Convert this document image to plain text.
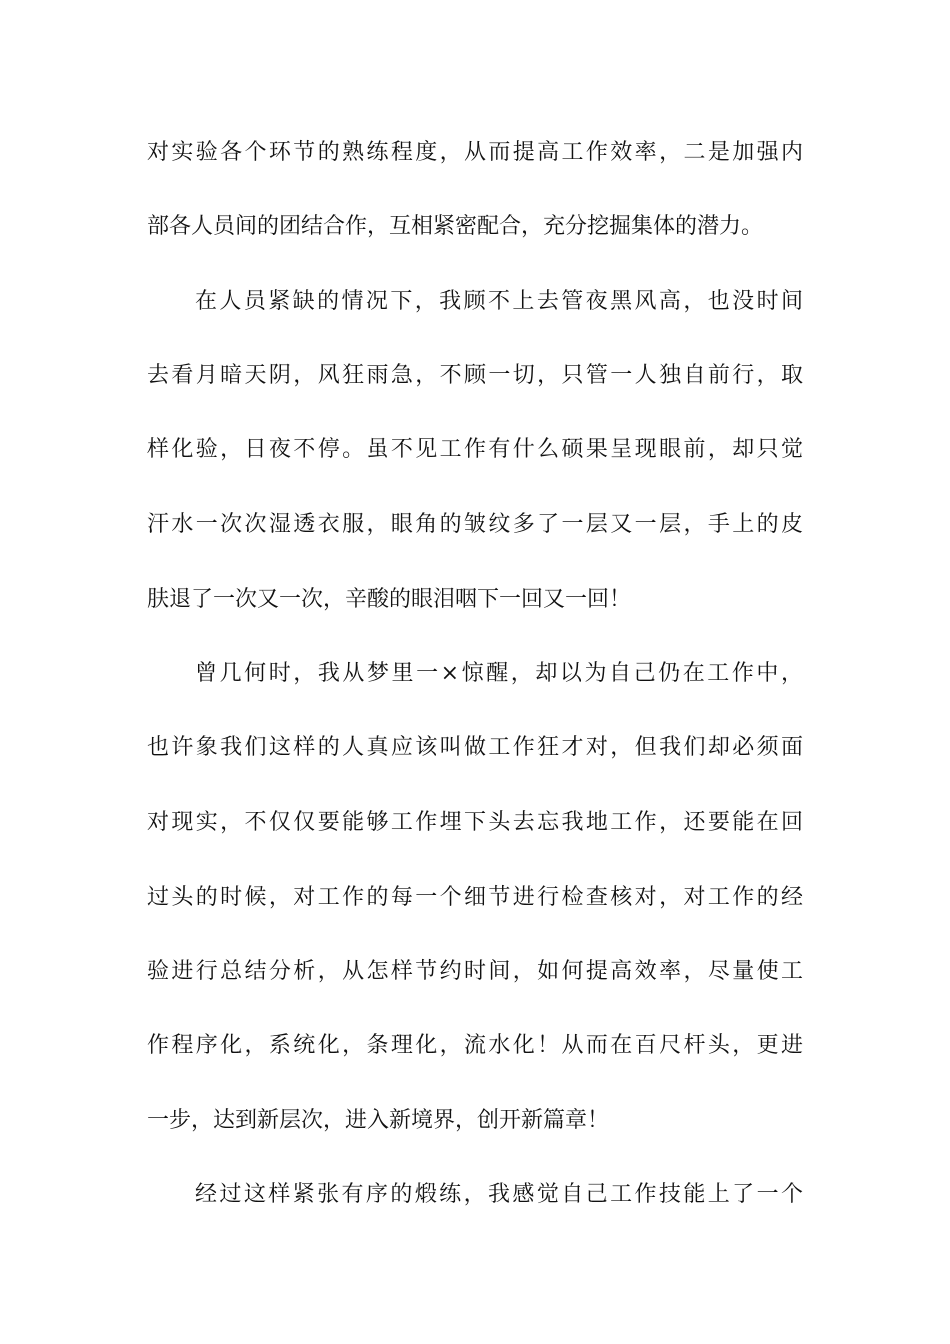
对实验各个环节的熟练程度，从而提高工作效率，二是加强内
部各人员间的团结合作，互相紧密配合，充分挖掘集体的潜力。
在人员紧缺的情况下，我顾不上去管夜黑风高，也没时间
去看月暗天阴，风狂雨急，不顾一切，只管一人独自前行，取
样化验，日夜不停。虽不见工作有什么硕果呈现眼前，却只觉
汗水一次次湿透衣服，眼角的皱纹多了一层又一层，手上的皮
肤退了一次又一次，辛酸的眼泪咽下一回又一回！
曾几何时，我从梦里一×惊醒，却以为自己仍在工作中，
也许象我们这样的人真应该叫做工作狂才对，但我们却必须面
对现实，不仅仅要能够工作埋下头去忘我地工作，还要能在回
过头的时候，对工作的每一个细节进行检查核对，对工作的经
验进行总结分析，从怎样节约时间，如何提高效率，尽量使工
作程序化，系统化，条理化，流水化！从而在百尺杆头，更进
一步，达到新层次，进入新境界，创开新篇章！
经过这样紧张有序的煅练，我感觉自己工作技能上了一个
